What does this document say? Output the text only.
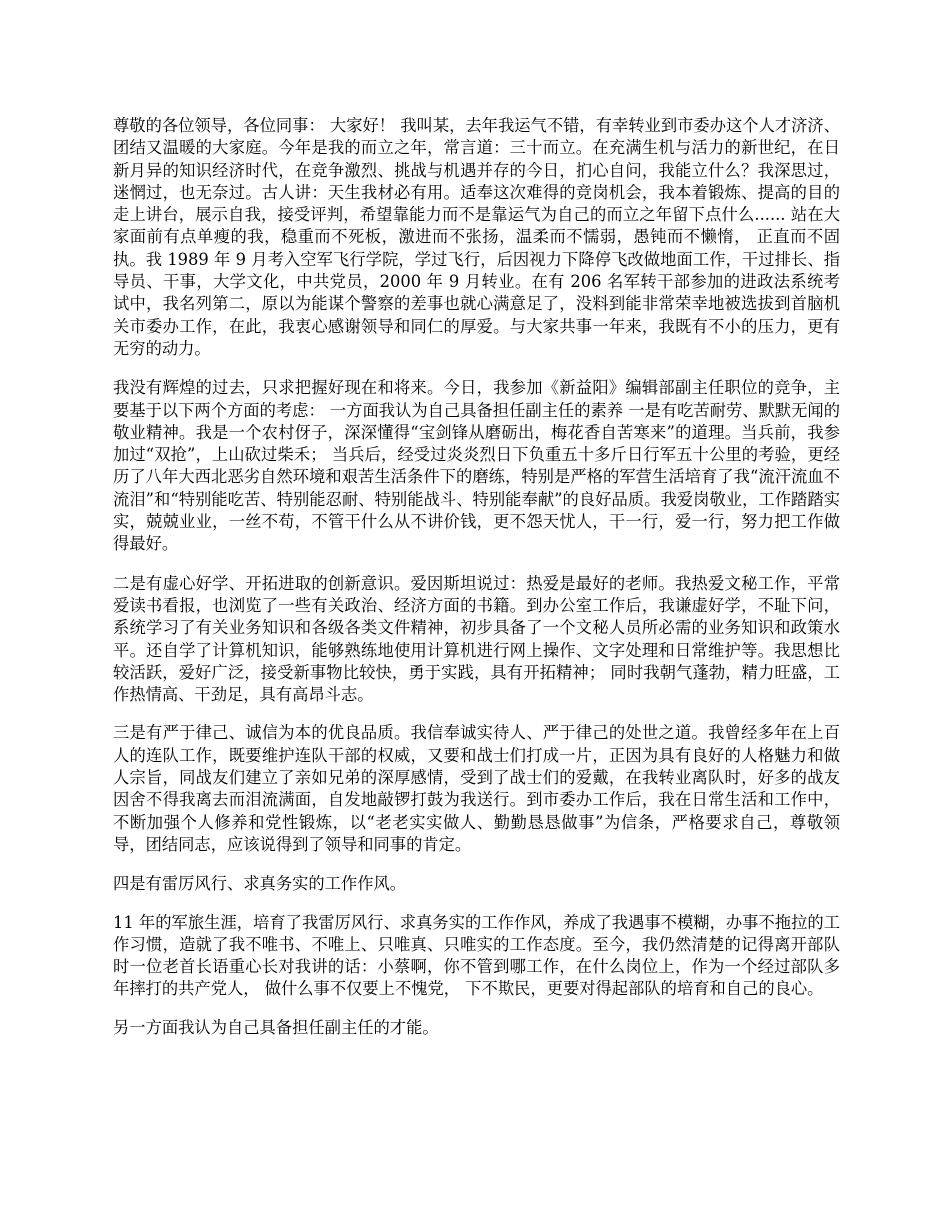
尊敬的各位领导，各位同事： 大家好！ 我叫某，去年我运气不错，有幸转业到市委办这个人才济济、团结又温暖的大家庭。今年是我的而立之年，常言道：三十而立。在充满生机与活力的新世纪，在日新月异的知识经济时代，在竞争激烈、挑战与机遇并存的今日，扪心自问，我能立什么？我深思过，迷惘过，也无奈过。古人讲：天生我材必有用。适奉这次难得的竞岗机会，我本着锻炼、提高的目的走上讲台，展示自我，接受评判，希望靠能力而不是靠运气为自己的而立之年留下点什么...... 站在大家面前有点单瘦的我，稳重而不死板，激进而不张扬，温柔而不懦弱，愚钝而不懒惰， 正直而不固执。我 1989 年 9 月考入空军飞行学院，学过飞行，后因视力下降停飞改做地面工作，干过排长、指导员、干事，大学文化，中共党员，2000 年 9 月转业。在有 206 名军转干部参加的进政法系统考试中，我名列第二，原以为能谋个警察的差事也就心满意足了，没料到能非常荣幸地被选拔到首脑机关市委办工作，在此，我衷心感谢领导和同仁的厚爱。与大家共事一年来，我既有不小的压力，更有无穷的动力。

我没有辉煌的过去，只求把握好现在和将来。今日，我参加《新益阳》编辑部副主任职位的竞争，主要基于以下两个方面的考虑： 一方面我认为自己具备担任副主任的素养 一是有吃苦耐劳、默默无闻的敬业精神。我是一个农村伢子，深深懂得“宝剑锋从磨砺出，梅花香自苦寒来”的道理。当兵前，我参加过“双抢”，上山砍过柴禾； 当兵后，经受过炎炎烈日下负重五十多斤日行军五十公里的考验，更经历了八年大西北恶劣自然环境和艰苦生活条件下的磨练，特别是严格的军营生活培育了我“流汗流血不流泪”和“特别能吃苦、特别能忍耐、特别能战斗、特别能奉献”的良好品质。我爱岗敬业，工作踏踏实实，兢兢业业，一丝不苟，不管干什么从不讲价钱，更不怨天忧人，干一行，爱一行，努力把工作做得最好。

二是有虚心好学、开拓进取的创新意识。爱因斯坦说过：热爱是最好的老师。我热爱文秘工作，平常爱读书看报，也浏览了一些有关政治、经济方面的书籍。到办公室工作后，我谦虚好学，不耻下问，系统学习了有关业务知识和各级各类文件精神，初步具备了一个文秘人员所必需的业务知识和政策水平。还自学了计算机知识，能够熟练地使用计算机进行网上操作、文字处理和日常维护等。我思想比较活跃，爱好广泛，接受新事物比较快，勇于实践，具有开拓精神； 同时我朝气蓬勃，精力旺盛，工作热情高、干劲足，具有高昂斗志。

三是有严于律己、诚信为本的优良品质。我信奉诚实待人、严于律己的处世之道。我曾经多年在上百人的连队工作，既要维护连队干部的权威，又要和战士们打成一片，正因为具有良好的人格魅力和做人宗旨，同战友们建立了亲如兄弟的深厚感情，受到了战士们的爱戴，在我转业离队时，好多的战友因舍不得我离去而泪流满面，自发地敲锣打鼓为我送行。到市委办工作后，我在日常生活和工作中，不断加强个人修养和党性锻炼，以“老老实实做人、勤勤恳恳做事”为信条，严格要求自己，尊敬领导，团结同志，应该说得到了领导和同事的肯定。

四是有雷厉风行、求真务实的工作作风。

11 年的军旅生涯，培育了我雷厉风行、求真务实的工作作风，养成了我遇事不模糊，办事不拖拉的工作习惯，造就了我不唯书、不唯上、只唯真、只唯实的工作态度。至今，我仍然清楚的记得离开部队时一位老首长语重心长对我讲的话：小蔡啊，你不管到哪工作，在什么岗位上，作为一个经过部队多年摔打的共产党人， 做什么事不仅要上不愧党， 下不欺民，更要对得起部队的培育和自己的良心。

另一方面我认为自己具备担任副主任的才能。
